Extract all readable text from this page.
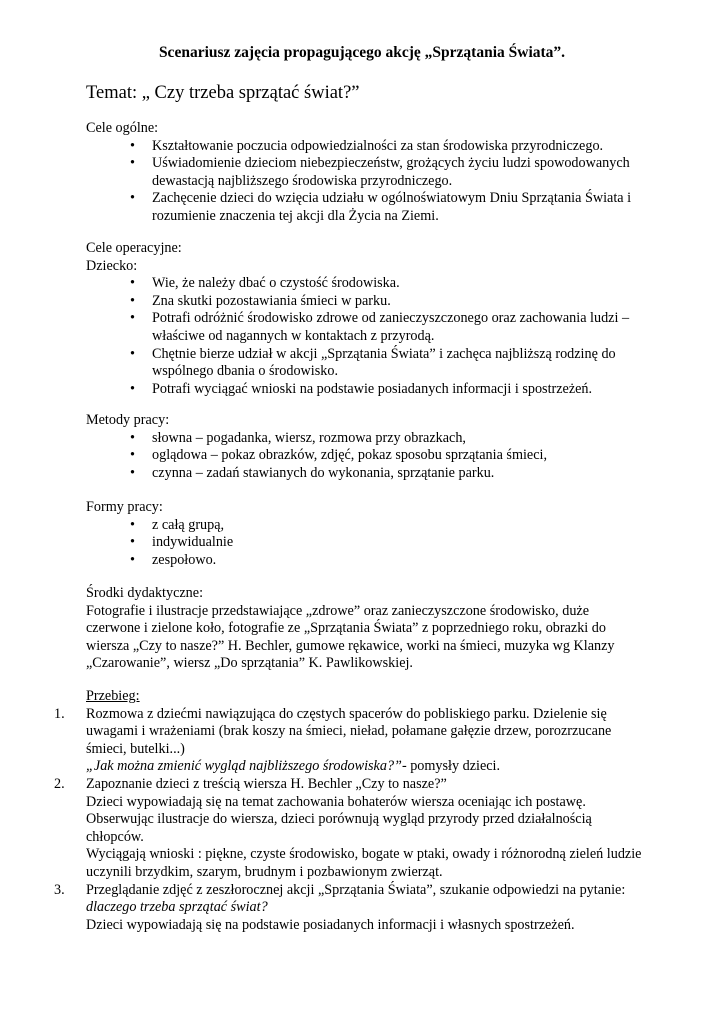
Scenariusz zajęcia propagującego akcję „Sprzątania Świata”.
Temat: „ Czy trzeba sprzątać świat?”

Cele ogólne:

• Kształtowanie poczucia odpowiedzialności za stan środowiska przyrodniczego.
• Uświadomienie dzieciom niebezpieczeństw, grożących życiu ludzi spowodowanych dewastacją najbliższego środowiska przyrodniczego.
• Zachęcenie dzieci do wzięcia udziału w ogólnoświatowym Dniu Sprzątania Świata i rozumienie znaczenia tej akcji dla Życia na Ziemi.

Cele operacyjne:

Dziecko:

• Wie, że należy dbać o czystość środowiska.
• Zna skutki pozostawiania śmieci w parku.
• Potrafi odróżnić środowisko zdrowe od zanieczyszczonego oraz zachowania ludzi – właściwe od nagannych w kontaktach z przyrodą.
• Chętnie bierze udział w akcji „Sprzątania Świata” i zachęca najbliższą rodzinę do wspólnego dbania o środowisko.
• Potrafi wyciągać wnioski na podstawie posiadanych informacji i spostrzeżeń.

Metody pracy:

• słowna – pogadanka, wiersz, rozmowa przy obrazkach,
• oglądowa – pokaz obrazków, zdjęć, pokaz sposobu sprzątania śmieci,
• czynna – zadań stawianych do wykonania, sprzątanie parku.

Formy pracy:

• z całą grupą,
• indywidualnie
• zespołowo.

Środki dydaktyczne:

Fotografie i ilustracje przedstawiające „zdrowe” oraz zanieczyszczone środowisko, duże czerwone i zielone koło, fotografie ze „Sprzątania Świata” z poprzedniego roku, obrazki do wiersza „Czy to nasze?” H. Bechler, gumowe rękawice, worki na śmieci, muzyka wg Klanzy „Czarowanie”, wiersz „Do sprzątania” K. Pawlikowskiej.

Przebieg:

1. Rozmowa z dziećmi nawiązująca do częstych spacerów do pobliskiego parku. Dzielenie się uwagami i wrażeniami (brak koszy na śmieci, nieład, połamane gałęzie drzew, porozrzucane śmieci, butelki...)
„Jak można zmienić wygląd najbliższego środowiska?”- pomysły dzieci.
2. Zapoznanie dzieci z treścią wiersza H. Bechler „Czy to nasze?”
Dzieci wypowiadają się na temat zachowania bohaterów wiersza oceniając ich postawę. Obserwując ilustracje do wiersza, dzieci porównują wygląd przyrody przed działalnością chłopców.
Wyciągają wnioski : piękne, czyste środowisko, bogate w ptaki, owady i różnorodną zieleń ludzie uczynili brzydkim, szarym, brudnym i pozbawionym zwierząt.
3. Przeglądanie zdjęć z zeszłorocznej akcji „Sprzątania Świata”, szukanie odpowiedzi na pytanie: dlaczego trzeba sprzątać świat?
Dzieci wypowiadają się na podstawie posiadanych informacji i własnych spostrzeżeń.
